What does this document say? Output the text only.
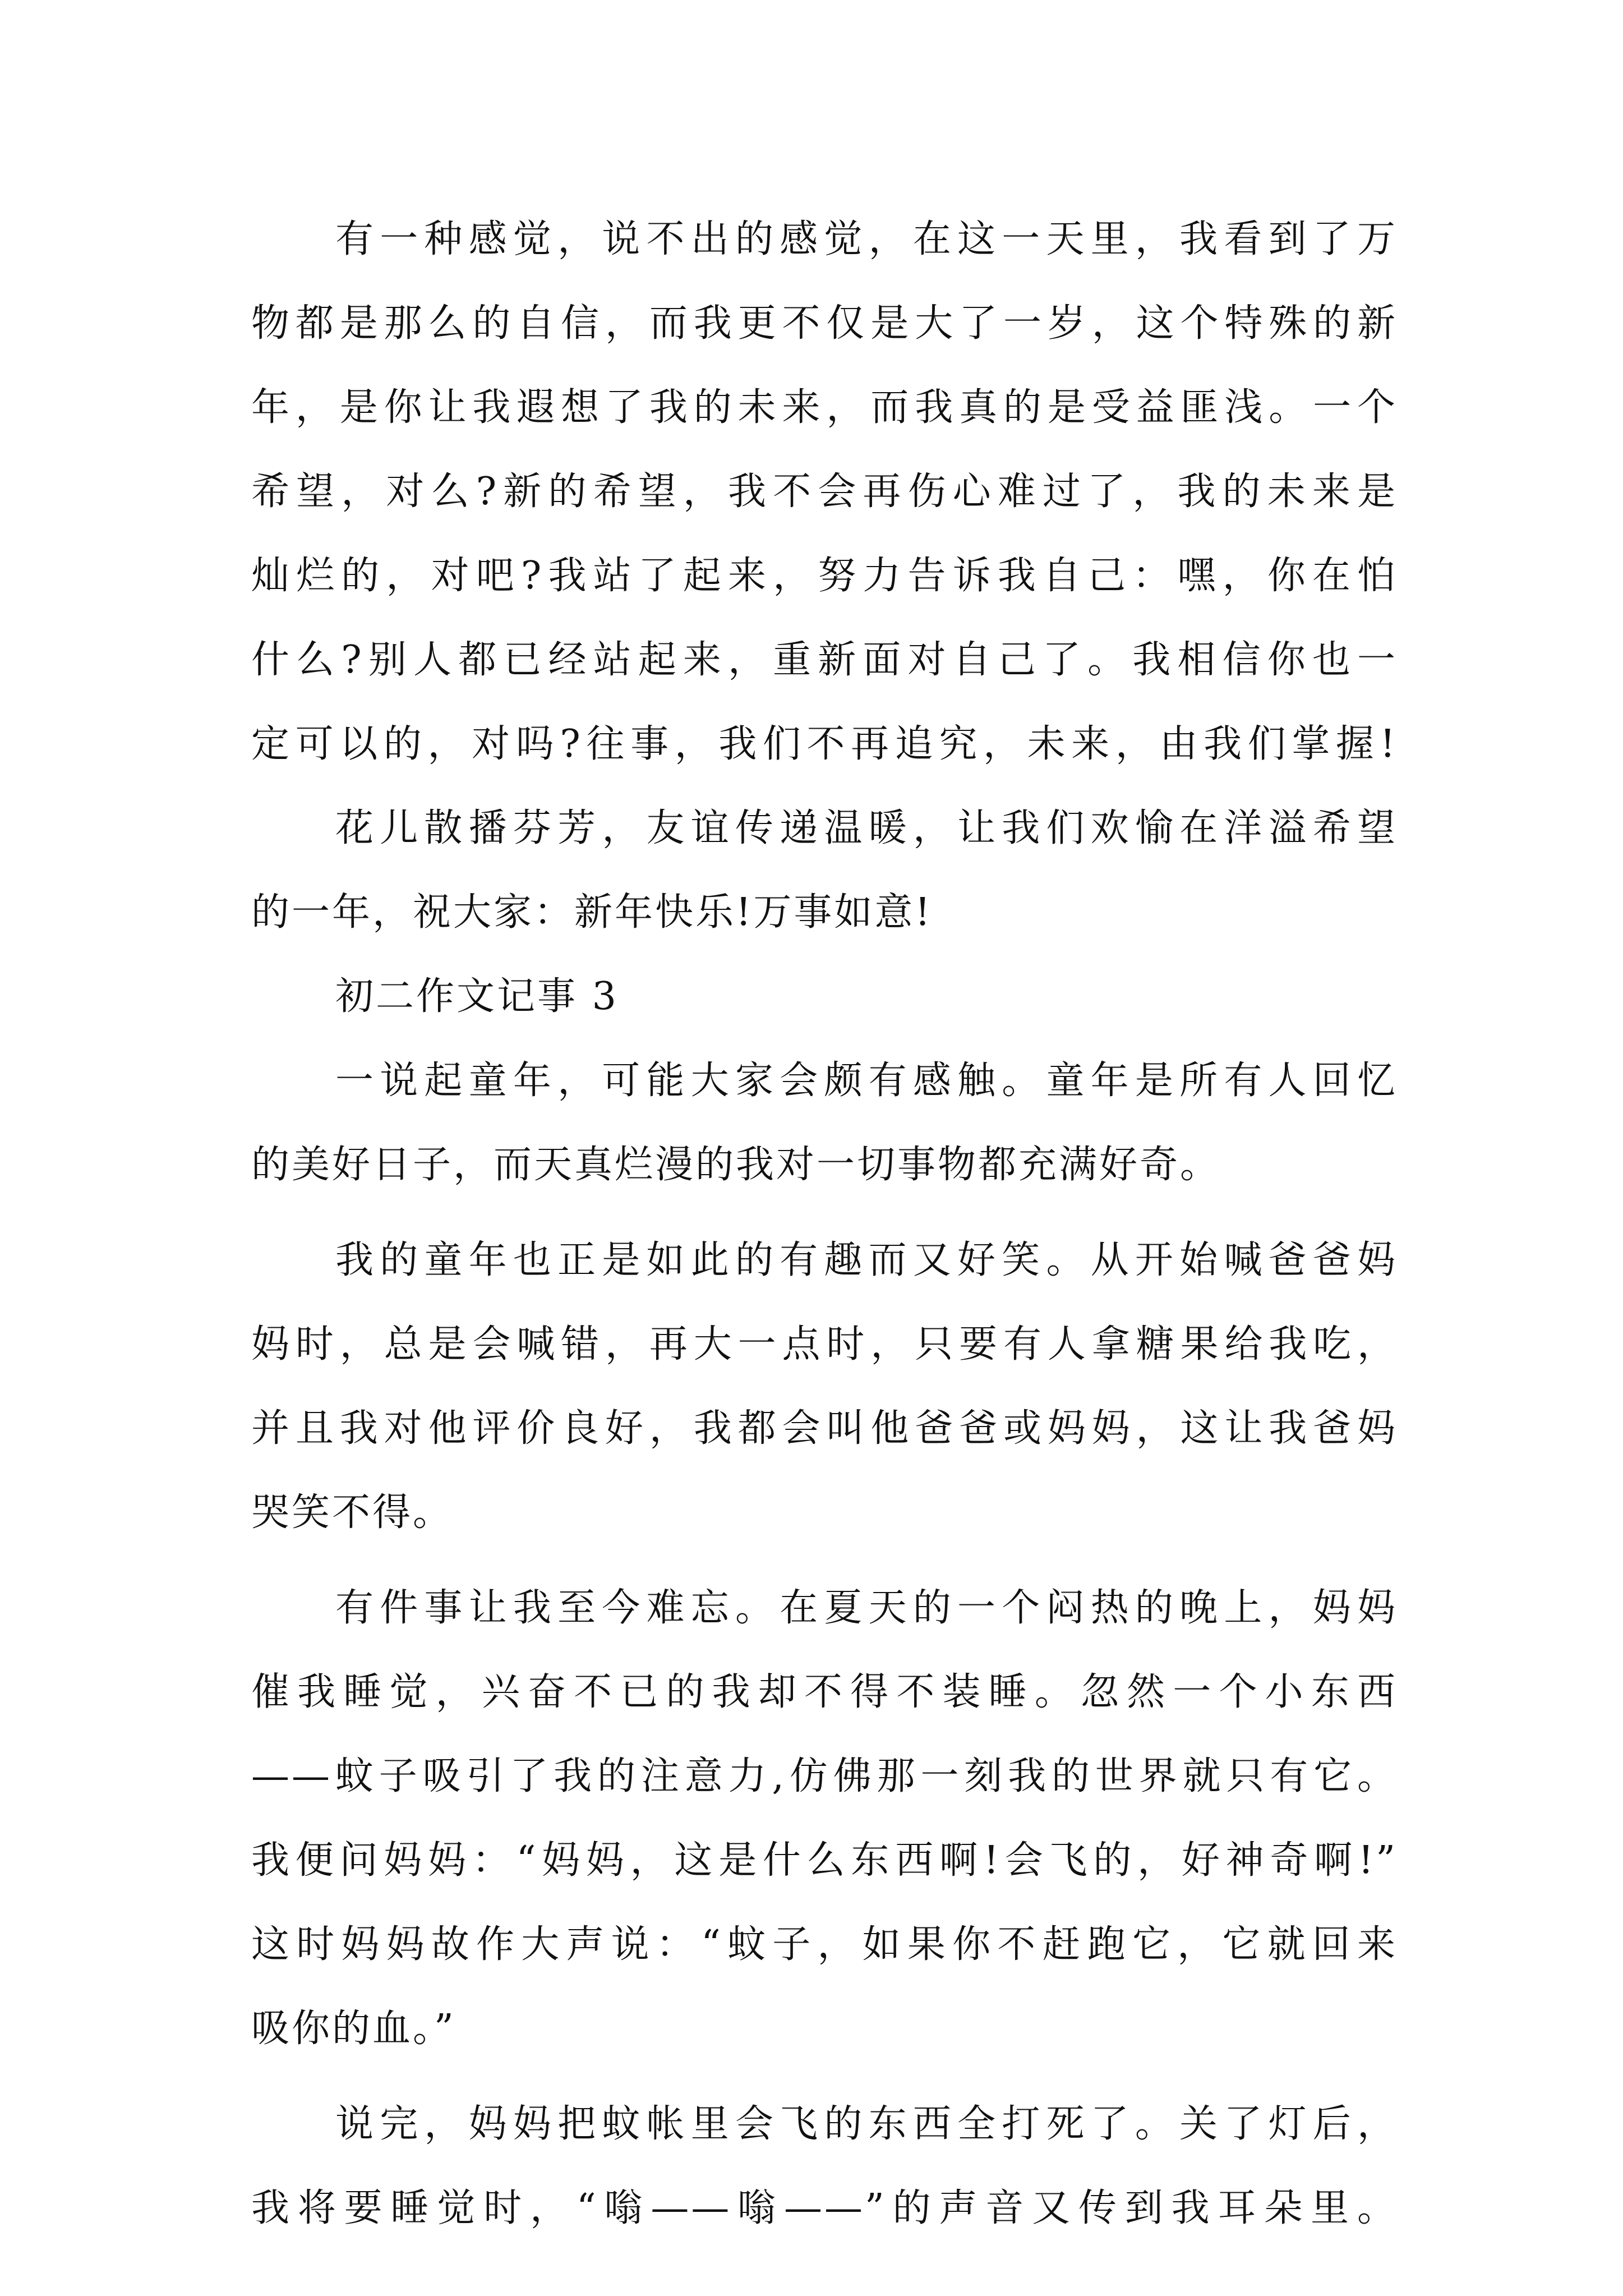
有一种感觉，说不出的感觉，在这一天里，我看到了万
物都是那么的自信，而我更不仅是大了一岁，这个特殊的新
年，是你让我遐想了我的未来，而我真的是受益匪浅。一个
希望，对么?新的希望，我不会再伤心难过了，我的未来是
灿烂的，对吧?我站了起来，努力告诉我自己：嘿，你在怕
什么?别人都已经站起来，重新面对自己了。我相信你也一
定可以的，对吗?往事，我们不再追究，未来，由我们掌握!
花儿散播芬芳，友谊传递温暖，让我们欢愉在洋溢希望
的一年，祝大家：新年快乐!万事如意!
初二作文记事 3
一说起童年，可能大家会颇有感触。童年是所有人回忆
的美好日子，而天真烂漫的我对一切事物都充满好奇。
我的童年也正是如此的有趣而又好笑。从开始喊爸爸妈
妈时，总是会喊错，再大一点时，只要有人拿糖果给我吃，
并且我对他评价良好，我都会叫他爸爸或妈妈，这让我爸妈
哭笑不得。
有件事让我至今难忘。在夏天的一个闷热的晚上，妈妈
催我睡觉，兴奋不已的我却不得不装睡。忽然一个小东西
——蚊子吸引了我的注意力,仿佛那一刻我的世界就只有它。
我便问妈妈：“妈妈，这是什么东西啊!会飞的，好神奇啊!”
这时妈妈故作大声说：“蚊子，如果你不赶跑它，它就回来
吸你的血。”
说完，妈妈把蚊帐里会飞的东西全打死了。关了灯后，
我将要睡觉时，“嗡——嗡——”的声音又传到我耳朵里。
